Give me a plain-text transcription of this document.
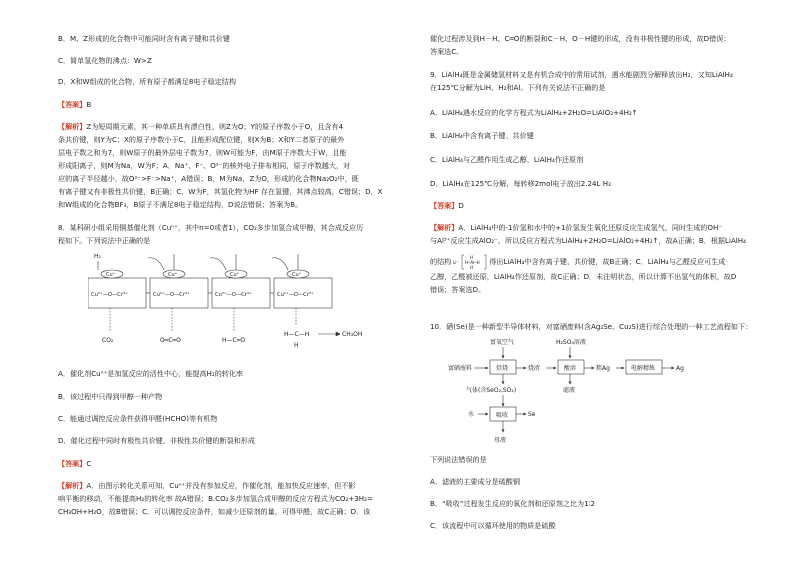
B．M、Z形成的化合物中可能同时含有离子键和共价键
C．简单氢化物的沸点：W>Z
D．X和W组成的化合物，所有原子都满足8电子稳定结构
【答案】B
【解析】Z为短周期元素，其一种单质具有漂白性，则Z为O；Y的原子序数小于O，且含有4
条共价键，则Y为C；X的原子序数小于C，且能形成配位键，则X为B；X和Y二者原子的最外
层电子数之和为7，则W原子的最外层电子数为7，则W可能为F，由M原子序数大于W，且能
形成阳离子，则M为Na，W为F；A．Na⁺、F⁻、O²⁻的核外电子排布相同，原子序数越大，对
应的离子半径越小，故O²⁻>F⁻>Na⁺，A错误；B．M为Na，Z为O，形成的化合物Na₂O₂中，既
有离子键又有非极性共价键，B正确；C．W为F，其氢化物为HF 存在氢键，其沸点较高，C错误；D．X
和W组成的化合物BF₃，B原子不满足8电子稳定结构，D说法错误；答案为B。
8．某科研小组采用铜基催化剂（Cuⁿ⁺，其中n=0或者1），CO₂多步加氢合成甲醇，其合成反应历
程如下。下列说法中正确的是
H₂
Cu⁺	Cu⁺	Cu⁺	Cu⁺
Cu²⁺—O—Cr³⁺	Cu²⁺—O—Cr³⁺	Cu²⁺—O—Cr³⁺	Cu²⁺—O—Cr³⁺
CO₂	O═C═O	H—C═O
H—C—H
H
CH₃OH
A．催化剂Cuⁿ⁺是加氢反应的活性中心，能提高H₂的转化率
B．该过程中只得到甲醇一种产物
C．能通过调控反应条件获得甲醛(HCHO)等有机物
D．催化过程中同时有极性共价键、非极性共价键的断裂和形成
【答案】C
【解析】A．由图示转化关系可知，Cuⁿ⁺并没有参加反应，作催化剂，能加快反应速率，但不影
响平衡的移动，不能提高H₂的转化率 故A错误；B.CO₂多步加氢合成甲醇的反应方程式为CO₂+3H₂=
CH₃OH+H₂O，故B错误；C．可以调控反应条件，如减少还原剂的量，可得甲醛，故C正确；D．该
催化过程涉及到H－H、C═O的断裂和C－H、O－H键的形成，没有非极性键的形成，故D错误；
答案选C。
9．LiAlH₄既是金属储氢材料又是有机合成中的常用试剂，遇水能剧烈分解释放出H₂，又知LiAlH₄
在125℃分解为LiH、H₂和Al。下列有关说法不正确的是
A．LiAlH₄遇水反应的化学方程式为LiAlH₄+2H₂O=LiAlO₂+4H₂↑
B．LiAlH₄中含有离子键、共价键
C．LiAlH₄与乙醛作用生成乙醇，LiAlH₄作还原剂
D．LiAlH₄在125℃分解，每转移2mol电子放出2.24L H₂
【答案】D
【解析】A．LiAlH₄中的-1价氢和水中的+1价氢发生氧化还原反应生成氢气，同时生成的OH⁻
与Al³⁺反应生成AlO₂⁻，所以反应方程式为LiAlH₄+2H₂O=LiAlO₂+4H₂↑，故A正确；B．根据LiAlH₄
的结构 Li⁺
H
H─Al─H
H
得出LiAlH₄中含有离子键、共价键，故B正确；C．LiAlH₄与乙醛反应可生成
乙醇，乙醛被还原，LiAlH₄作还原剂，故C正确；D．未注明状态，所以计算不出氢气的体积，故D
错误；答案选D。
10．硒(Se)是一种新型半导体材料，对富硒废料(含Ag₂Se、Cu₂S)进行综合处理的一种工艺流程如下：
富氧空气	H₂SO₄溶液
富硒废料	焙烧	烧渣	酸溶	粗Ag	电解精炼	Ag
气体(含SeO₂,SO₂)	滤液
水	吸收	Se
母液
下列说法错误的是
A．滤液的主要成分是硫酸铜
B．“吸收”过程发生反应的氧化剂和还原剂之比为1∶2
C．该流程中可以循环使用的物质是硫酸
